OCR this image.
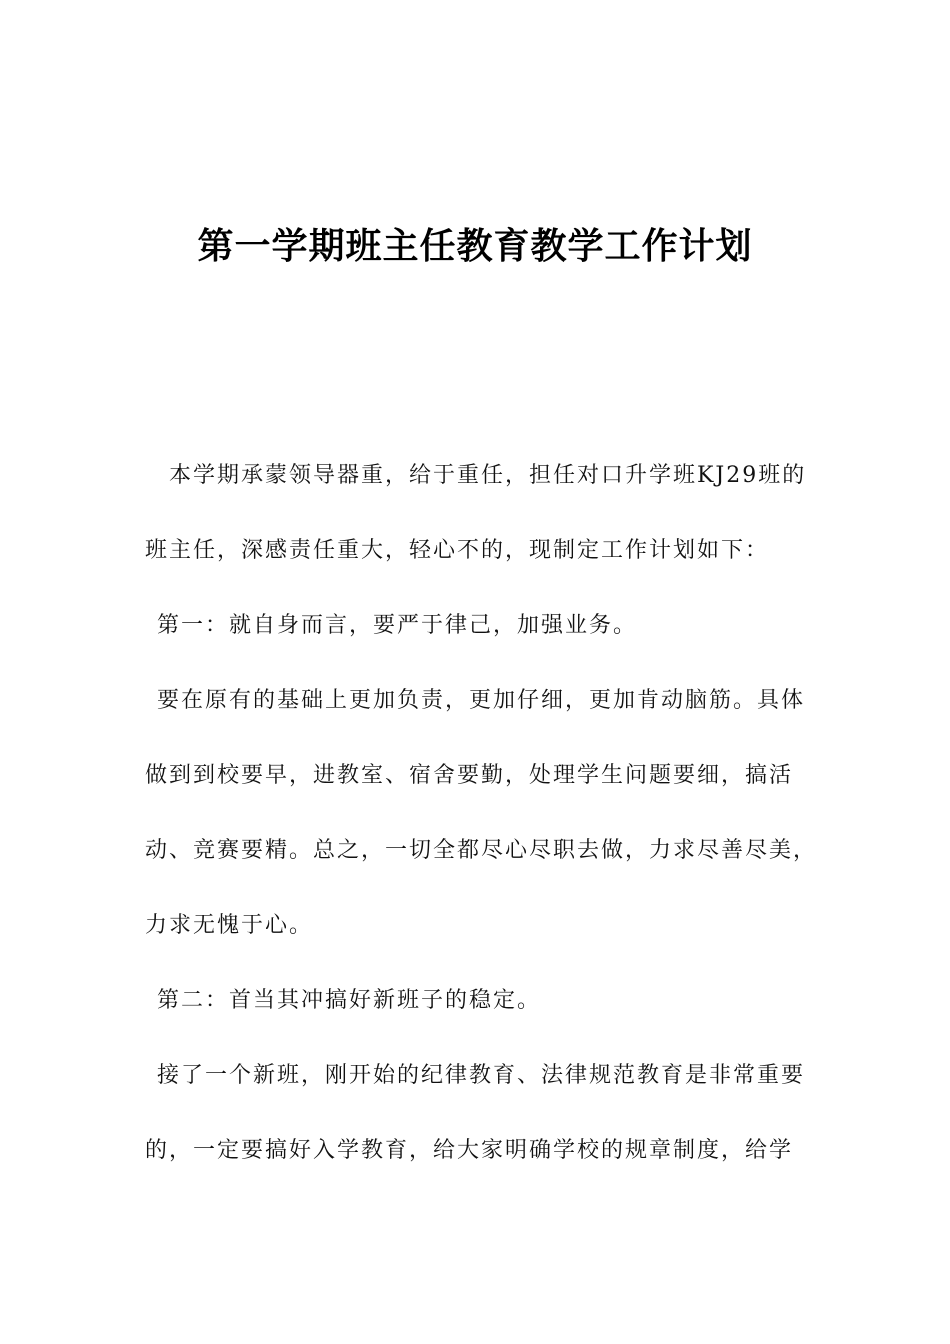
第一学期班主任教育教学工作计划

本学期承蒙领导器重，给于重任，担任对口升学班KJ29班的

班主任，深感责任重大，轻心不的，现制定工作计划如下：

第一：就自身而言，要严于律己，加强业务。

要在原有的基础上更加负责，更加仔细，更加肯动脑筋。具体

做到到校要早，进教室、宿舍要勤，处理学生问题要细，搞活

动、竞赛要精。总之，一切全都尽心尽职去做，力求尽善尽美，

力求无愧于心。

第二：首当其冲搞好新班子的稳定。

接了一个新班，刚开始的纪律教育、法律规范教育是非常重要

的，一定要搞好入学教育，给大家明确学校的规章制度，给学
